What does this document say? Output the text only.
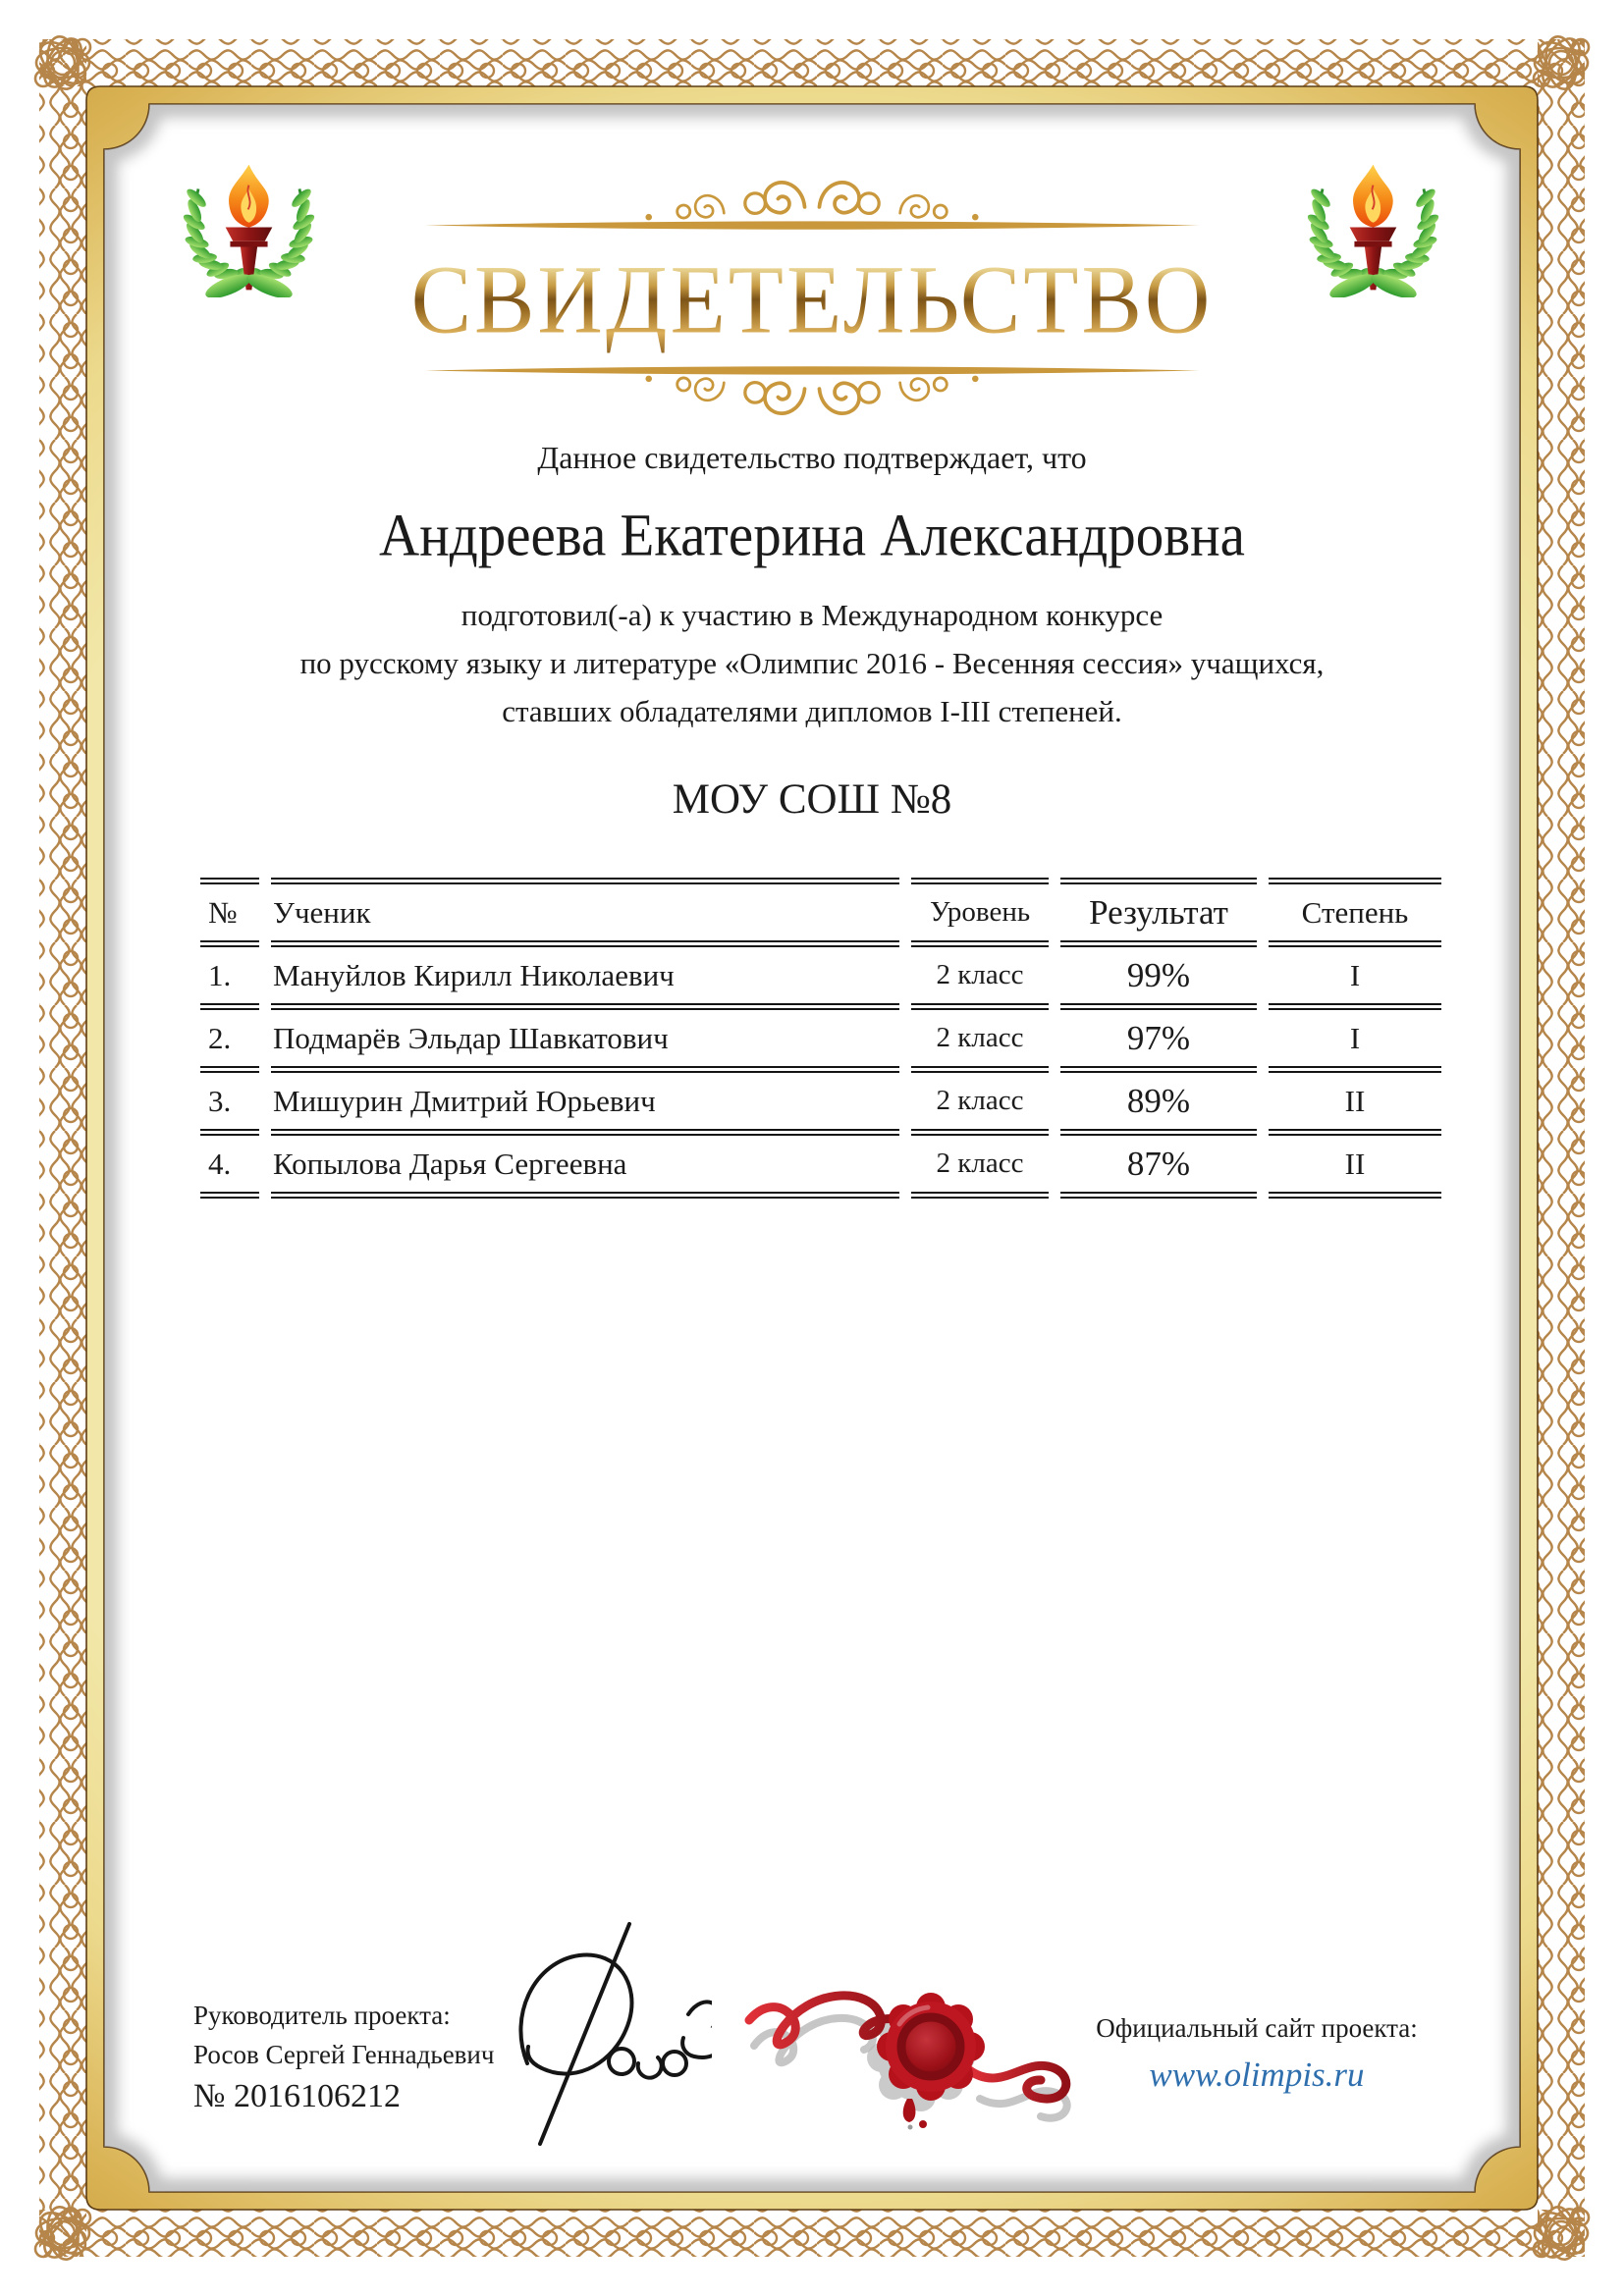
СВИДЕТЕЛЬСТВО
Данное свидетельство подтверждает, что
Андреева Екатерина Александровна
подготовил(-а) к участию в Международном конкурсе
по русскому языку и литературе «Олимпис 2016 - Весенняя сессия» учащихся,
ставших обладателями дипломов I-III степеней.
МОУ СОШ №8
№	Ученик	Уровень	Результат	Степень
1.	Мануйлов Кирилл Николаевич	2 класс	99%	I
2.	Подмарёв Эльдар Шавкатович	2 класс	97%	I
3.	Мишурин Дмитрий Юрьевич	2 класс	89%	II
4.	Копылова Дарья Сергеевна	2 класс	87%	II
Руководитель проекта:
Росов Сергей Геннадьевич
№ 2016106212
Официальный сайт проекта:
www.olimpis.ru
